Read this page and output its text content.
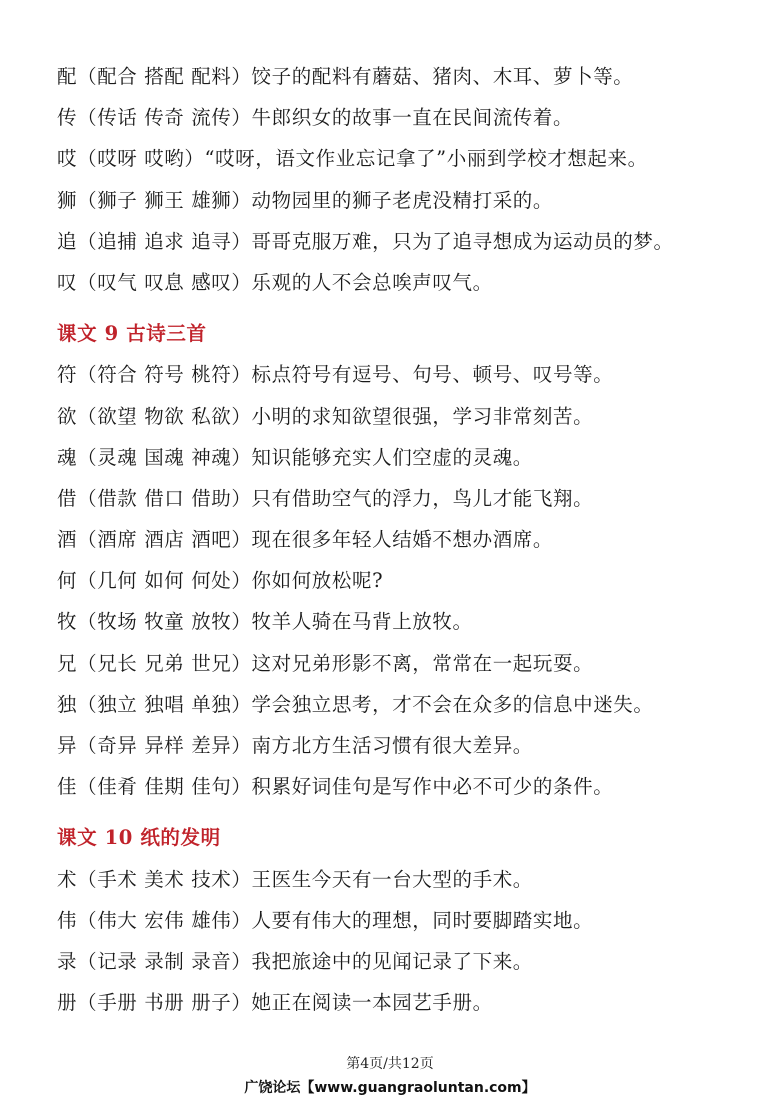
配（配合 搭配 配料）饺子的配料有蘑菇、猪肉、木耳、萝卜等。
传（传话 传奇 流传）牛郎织女的故事一直在民间流传着。
哎（哎呀 哎哟）“哎呀，语文作业忘记拿了”小丽到学校才想起来。
狮（狮子 狮王 雄狮）动物园里的狮子老虎没精打采的。
追（追捕 追求 追寻）哥哥克服万难，只为了追寻想成为运动员的梦。
叹（叹气 叹息 感叹）乐观的人不会总唉声叹气。
课文 9 古诗三首
符（符合 符号 桃符）标点符号有逗号、句号、顿号、叹号等。
欲（欲望 物欲 私欲）小明的求知欲望很强，学习非常刻苦。
魂（灵魂 国魂 神魂）知识能够充实人们空虚的灵魂。
借（借款 借口 借助）只有借助空气的浮力，鸟儿才能飞翔。
酒（酒席 酒店 酒吧）现在很多年轻人结婚不想办酒席。
何（几何 如何 何处）你如何放松呢?
牧（牧场 牧童 放牧）牧羊人骑在马背上放牧。
兄（兄长 兄弟 世兄）这对兄弟形影不离，常常在一起玩耍。
独（独立 独唱 单独）学会独立思考，才不会在众多的信息中迷失。
异（奇异 异样 差异）南方北方生活习惯有很大差异。
佳（佳肴 佳期 佳句）积累好词佳句是写作中必不可少的条件。
课文 10 纸的发明
术（手术 美术 技术）王医生今天有一台大型的手术。
伟（伟大 宏伟 雄伟）人要有伟大的理想，同时要脚踏实地。
录（记录 录制 录音）我把旅途中的见闻记录了下来。
册（手册 书册 册子）她正在阅读一本园艺手册。
第4页/共12页
广饶论坛【www.guangraoluntan.com】
